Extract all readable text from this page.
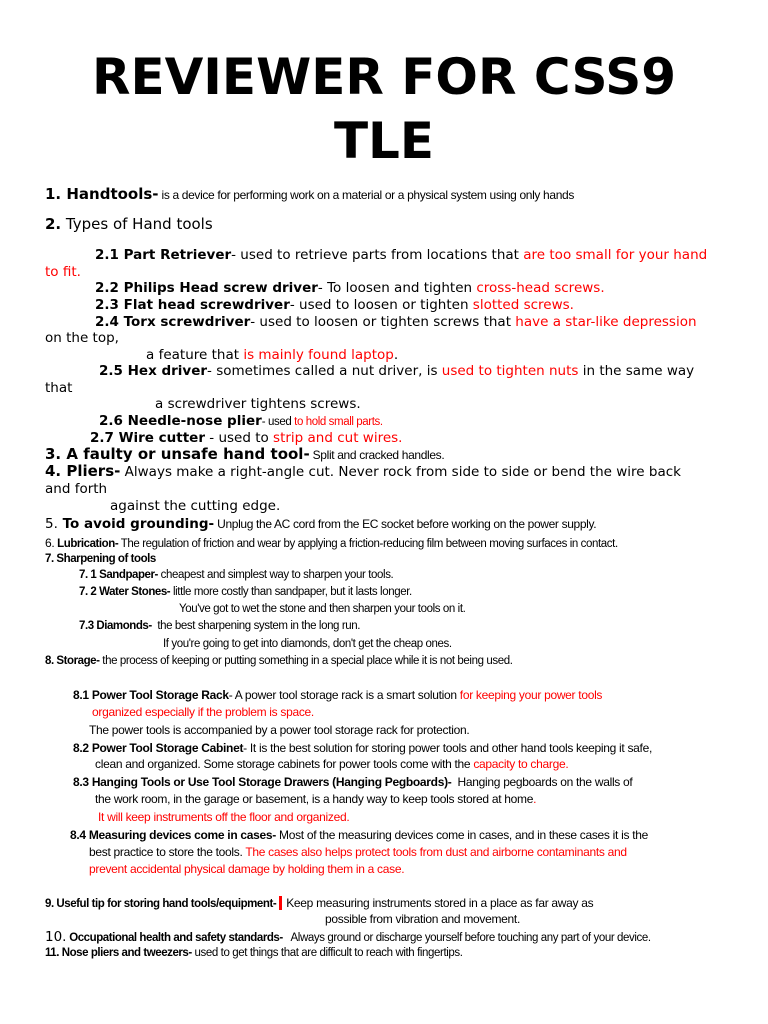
REVIEWER FOR CSS9
TLE
1. Handtools- is a device for performing work on a material or a physical system using only hands
2. Types of Hand tools
2.1 Part Retriever- used to retrieve parts from locations that are too small for your hand
to fit.
2.2 Philips Head screw driver- To loosen and tighten cross-head screws.
2.3 Flat head screwdriver- used to loosen or tighten slotted screws.
2.4 Torx screwdriver- used to loosen or tighten screws that have a star-like depression
on the top,
a feature that is mainly found laptop.
2.5 Hex driver- sometimes called a nut driver, is used to tighten nuts in the same way
that
a screwdriver tightens screws.
2.6 Needle-nose plier- used to hold small parts.
2.7 Wire cutter - used to strip and cut wires.
3. A faulty or unsafe hand tool- Split and cracked handles.
4. Pliers- Always make a right-angle cut. Never rock from side to side or bend the wire back
and forth
against the cutting edge.
5. To avoid grounding- Unplug the AC cord from the EC socket before working on the power supply.
6. Lubrication- The regulation of friction and wear by applying a friction-reducing film between moving surfaces in contact.
7. Sharpening of tools
7. 1 Sandpaper- cheapest and simplest way to sharpen your tools.
7. 2 Water Stones- little more costly than sandpaper, but it lasts longer.
You've got to wet the stone and then sharpen your tools on it.
7.3 Diamonds-  the best sharpening system in the long run.
If you're going to get into diamonds, don't get the cheap ones.
8. Storage- the process of keeping or putting something in a special place while it is not being used.
8.1 Power Tool Storage Rack- A power tool storage rack is a smart solution for keeping your power tools
organized especially if the problem is space.
The power tools is accompanied by a power tool storage rack for protection.
8.2 Power Tool Storage Cabinet- It is the best solution for storing power tools and other hand tools keeping it safe,
clean and organized. Some storage cabinets for power tools come with the capacity to charge.
8.3 Hanging Tools or Use Tool Storage Drawers (Hanging Pegboards)-  Hanging pegboards on the walls of
the work room, in the garage or basement, is a handy way to keep tools stored at home.
It will keep instruments off the floor and organized.
8.4 Measuring devices come in cases- Most of the measuring devices come in cases, and in these cases it is the
best practice to store the tools. The cases also helps protect tools from dust and airborne contaminants and
prevent accidental physical damage by holding them in a case.
9. Useful tip for storing hand tools/equipment- Keep measuring instruments stored in a place as far away as
possible from vibration and movement.
10. Occupational health and safety standards-   Always ground or discharge yourself before touching any part of your device.
11. Nose pliers and tweezers- used to get things that are difficult to reach with fingertips.
